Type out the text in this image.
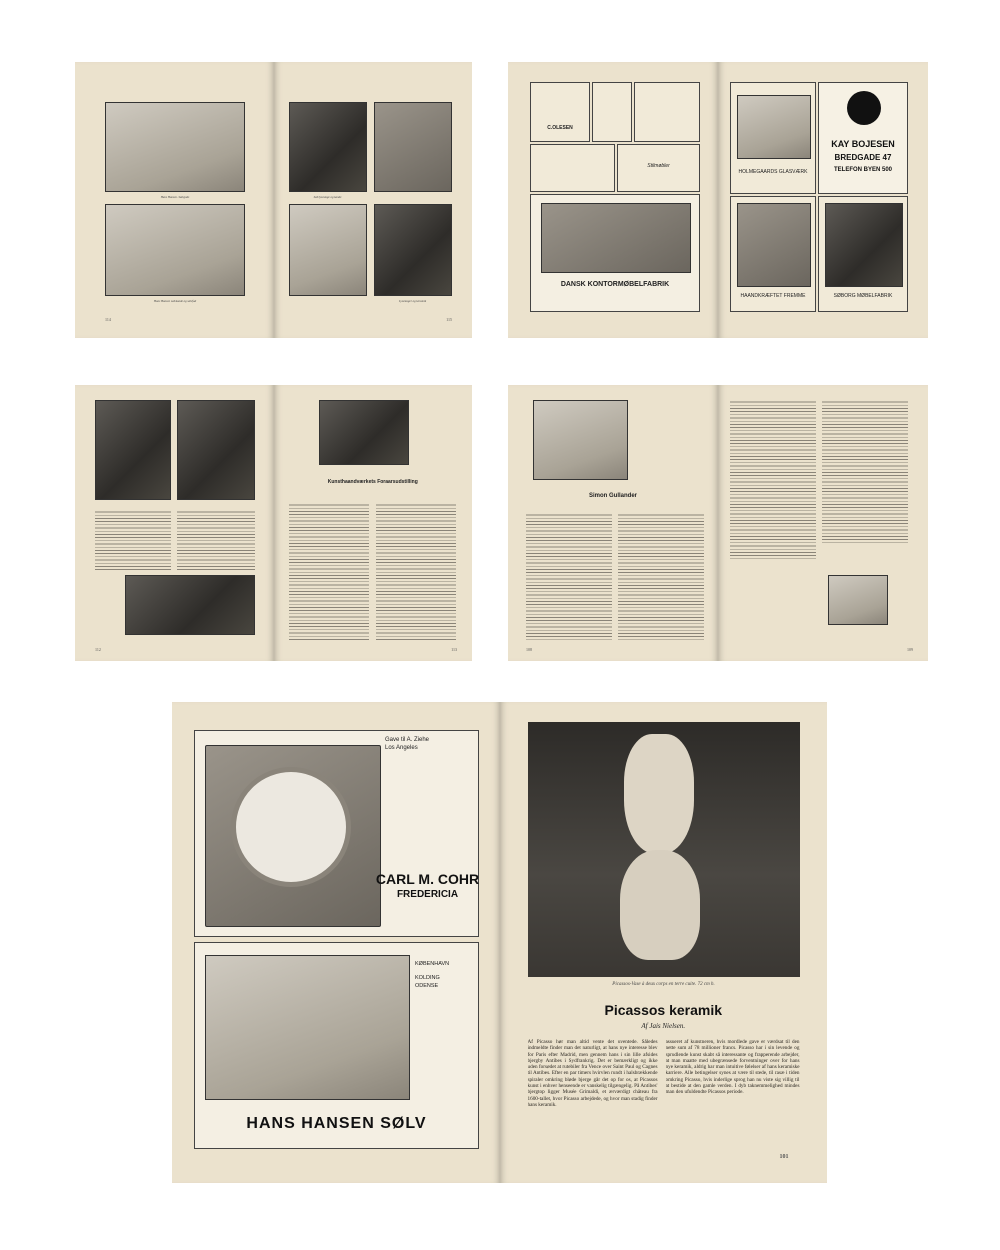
Hans Hansen. Sølvgods
Hans Hansen sølvkande og sølvfad
114
Sølvlysestage og kande
Lysestager og keramik
115
C.OLESEN
Stilmøbler
DANSK KONTORMØBELFABRIK
HOLMEGAARDS GLASVÆRK
KAY BOJESEN
BREDGADE 47
TELEFON BYEN 500
HAANDKRÆFTET FREMME	SØBORG MØBELFABRIK
112
Kunsthaandværkets Foraarsudstilling
113
Simon Gullander
108	109
Gave til A. Ziehe
Los Angeles
CARL M. COHR
FREDERICIA
KØBENHAVN
KOLDING
ODENSE
HANS HANSEN SØLV
Picassos-Vase à deux corps en terre cuite. 72 cm h.
Picassos keramik
Af Jais Nielsen.
Af Picasso hør man altid vente det uventede. Således indmeldte finder man det naturligt, at hans nye interesse blev for Paris efter Madrid, men gennem hans i sin lille afsides bjergby Antibes i Sydfrankrig. Det er bemærkligt og ikke uden forsødet at rutebiler fra Vence over Saint Paul og Cagnes til Antibes. Efter en par timers hvirvlen rundt i halsbrækkende spiraler omkring bløde bjerge går det op for os, at Picassos kunst i enhver henseende er vanskelig tilgængelig. På Antibes' bjergtop ligger Musée Grimaldi, et ærværdigt château fra 1600-tallet, hvor Picasso arbejdede, og hvor man stadig finder hans keramik.
assueret af kunstneren, hvis mordlede gave er værdsat til den nette sum af 78 millioner francs. Picasso har i sin levende og sprudlende kunst skabt så interessante og frapperende arbejder, at man maatte med ubegrænsede forventninger over for hans nye keramik, aldrig har man intuitive følelser af hans keramiske karriere. Alle betingelser synes at være til stede, til rasæ i tiden omkring Picasso, hvis inderlige sprog han nu viste sig villig til at bestide at den gamle verden. I dyb taknemmelighed mindes man den ufuldendte Picassos periode.
101
